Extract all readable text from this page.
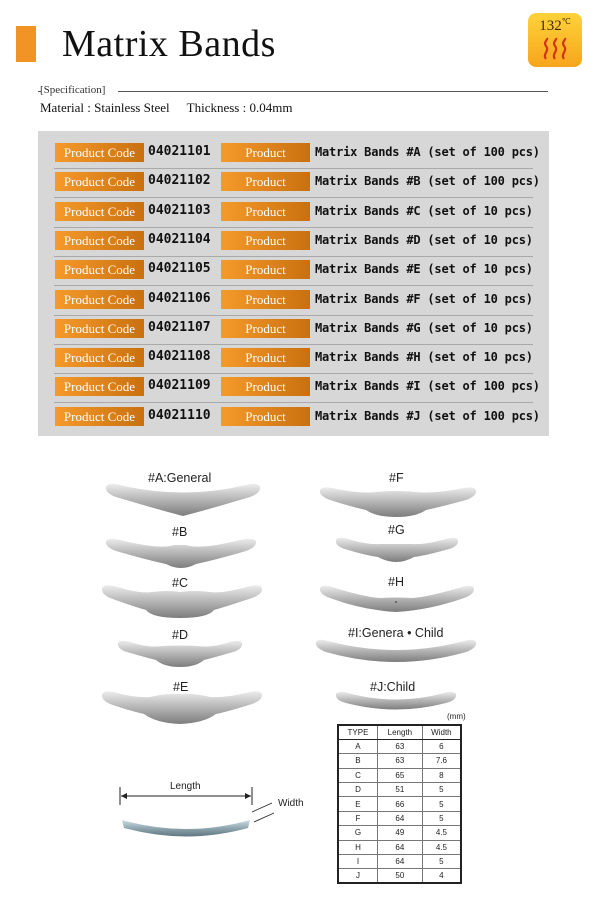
Matrix Bands	132℃
[Specification]
Material : Stainless Steel Thickness : 0.04mm
Product Code 04021101	Product	Matrix Bands #A (set of 100 pcs)
Product Code 04021102	Product	Matrix Bands #B (set of 100 pcs)
Product Code 04021103	Product	Matrix Bands #C (set of 10 pcs)
Product Code 04021104	Product	Matrix Bands #D (set of 10 pcs)
Product Code 04021105	Product	Matrix Bands #E (set of 10 pcs)
Product Code 04021106	Product	Matrix Bands #F (set of 10 pcs)
Product Code 04021107	Product	Matrix Bands #G (set of 10 pcs)
Product Code 04021108	Product	Matrix Bands #H (set of 10 pcs)
Product Code 04021109	Product	Matrix Bands #I (set of 100 pcs)
Product Code 04021110	Product	Matrix Bands #J (set of 100 pcs)
#A:General
#B
#C
#D
#E
#F
#G
#H
#I:Genera • Child
#J:Child
Length
Width
(mm)
TYPE	Length	Width
A	63	6
B	63	7.6
C	65	8
D	51	5
E	66	5
F	64	5
G	49	4.5
H	64	4.5
I	64	5
J	50	4
